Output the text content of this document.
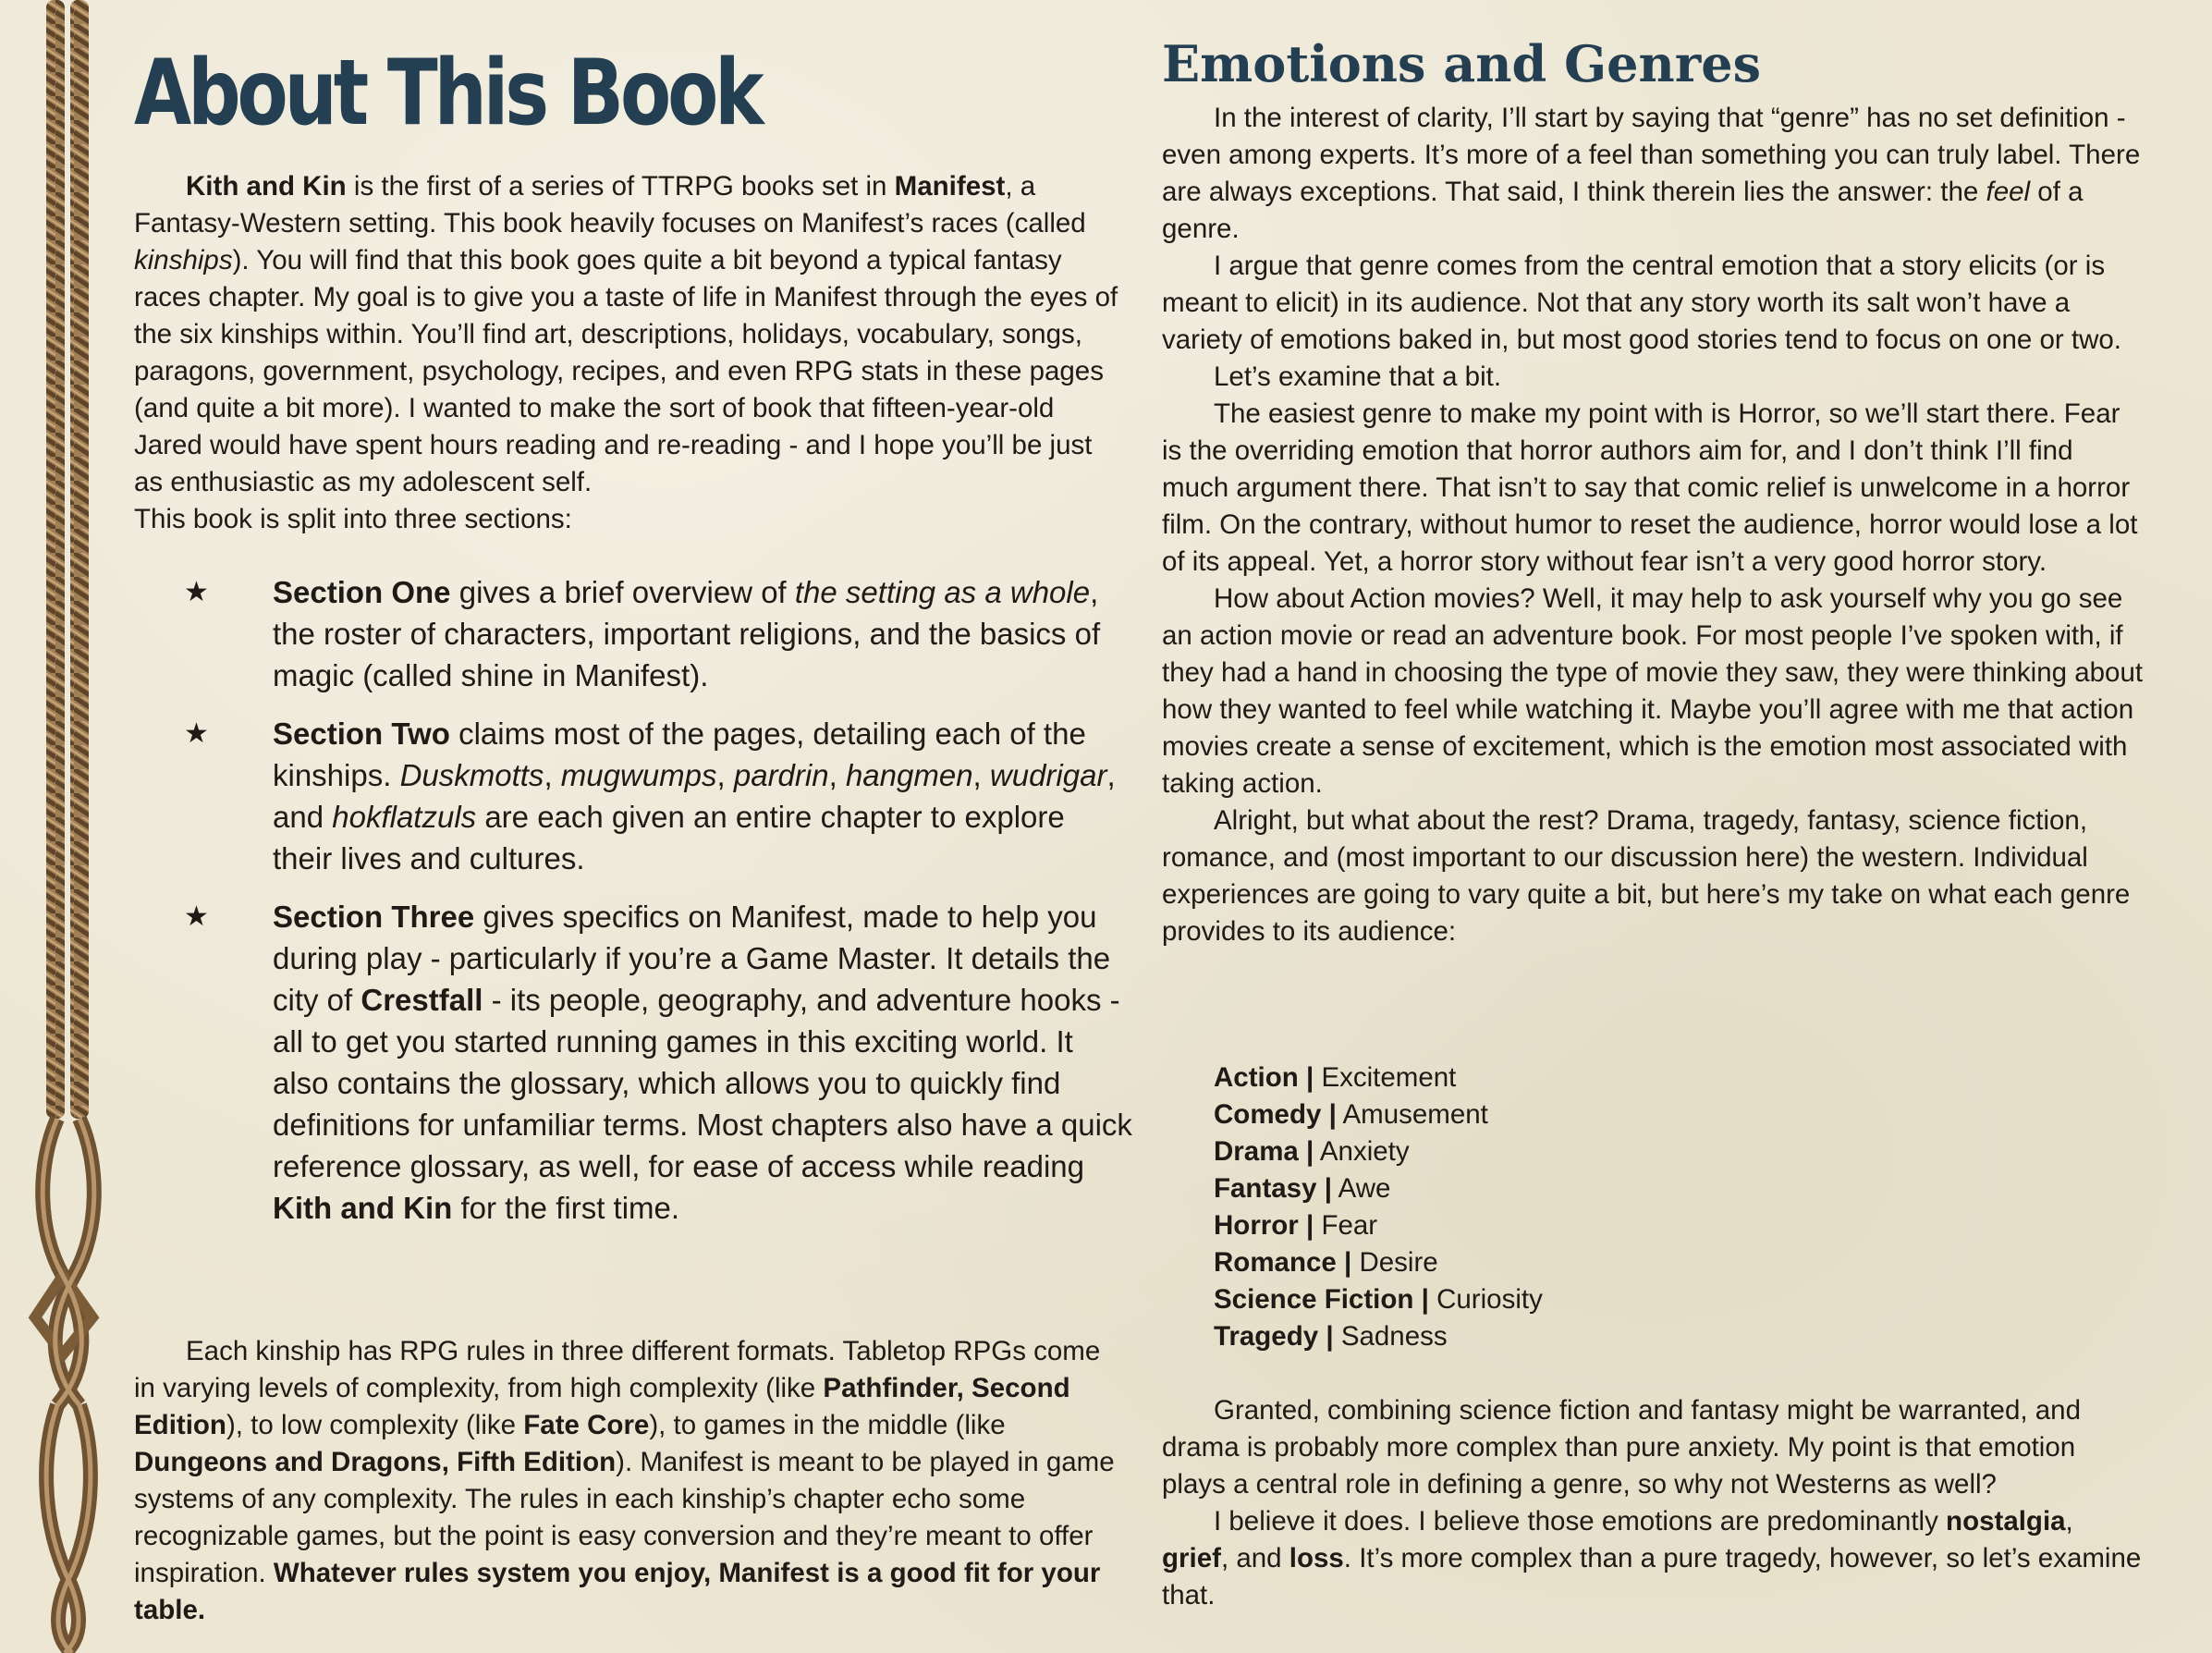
About This Book

Kith and Kin is the first of a series of TTRPG books set in Manifest, a Fantasy-Western setting. This book heavily focuses on Manifest’s races (called kinships). You will find that this book goes quite a bit beyond a typical fantasy races chapter. My goal is to give you a taste of life in Manifest through the eyes of the six kinships within. You’ll find art, descriptions, holidays, vocabulary, songs, paragons, government, psychology, recipes, and even RPG stats in these pages (and quite a bit more). I wanted to make the sort of book that fifteen-year-old Jared would have spent hours reading and re-reading - and I hope you’ll be just as enthusiastic as my adolescent self.

This book is split into three sections:

★ Section One gives a brief overview of the setting as a whole, the roster of characters, important religions, and the basics of magic (called shine in Manifest).
★ Section Two claims most of the pages, detailing each of the kinships. Duskmotts, mugwumps, pardrin, hangmen, wudrigar, and hokflatzuls are each given an entire chapter to explore their lives and cultures.
★ Section Three gives specifics on Manifest, made to help you during play - particularly if you’re a Game Master. It details the city of Crestfall - its people, geography, and adventure hooks - all to get you started running games in this exciting world. It also contains the glossary, which allows you to quickly find definitions for unfamiliar terms. Most chapters also have a quick reference glossary, as well, for ease of access while reading Kith and Kin for the first time.

Each kinship has RPG rules in three different formats. Tabletop RPGs come in varying levels of complexity, from high complexity (like Pathfinder, Second Edition), to low complexity (like Fate Core), to games in the middle (like Dungeons and Dragons, Fifth Edition). Manifest is meant to be played in game systems of any complexity. The rules in each kinship’s chapter echo some recognizable games, but the point is easy conversion and they’re meant to offer inspiration. Whatever rules system you enjoy, Manifest is a good fit for your table.

Emotions and Genres

In the interest of clarity, I’ll start by saying that “genre” has no set definition - even among experts. It’s more of a feel than something you can truly label. There are always exceptions. That said, I think therein lies the answer: the feel of a genre.

I argue that genre comes from the central emotion that a story elicits (or is meant to elicit) in its audience. Not that any story worth its salt won’t have a variety of emotions baked in, but most good stories tend to focus on one or two.

Let’s examine that a bit.

The easiest genre to make my point with is Horror, so we’ll start there. Fear is the overriding emotion that horror authors aim for, and I don’t think I’ll find much argument there. That isn’t to say that comic relief is unwelcome in a horror film. On the contrary, without humor to reset the audience, horror would lose a lot of its appeal. Yet, a horror story without fear isn’t a very good horror story.

How about Action movies? Well, it may help to ask yourself why you go see an action movie or read an adventure book. For most people I’ve spoken with, if they had a hand in choosing the type of movie they saw, they were thinking about how they wanted to feel while watching it. Maybe you’ll agree with me that action movies create a sense of excitement, which is the emotion most associated with taking action.

Alright, but what about the rest? Drama, tragedy, fantasy, science fiction, romance, and (most important to our discussion here) the western. Individual experiences are going to vary quite a bit, but here’s my take on what each genre provides to its audience:

Action | Excitement
Comedy | Amusement
Drama | Anxiety
Fantasy | Awe
Horror | Fear
Romance | Desire
Science Fiction | Curiosity
Tragedy | Sadness

Granted, combining science fiction and fantasy might be warranted, and drama is probably more complex than pure anxiety. My point is that emotion plays a central role in defining a genre, so why not Westerns as well?

I believe it does. I believe those emotions are predominantly nostalgia, grief, and loss. It’s more complex than a pure tragedy, however, so let’s examine that.
